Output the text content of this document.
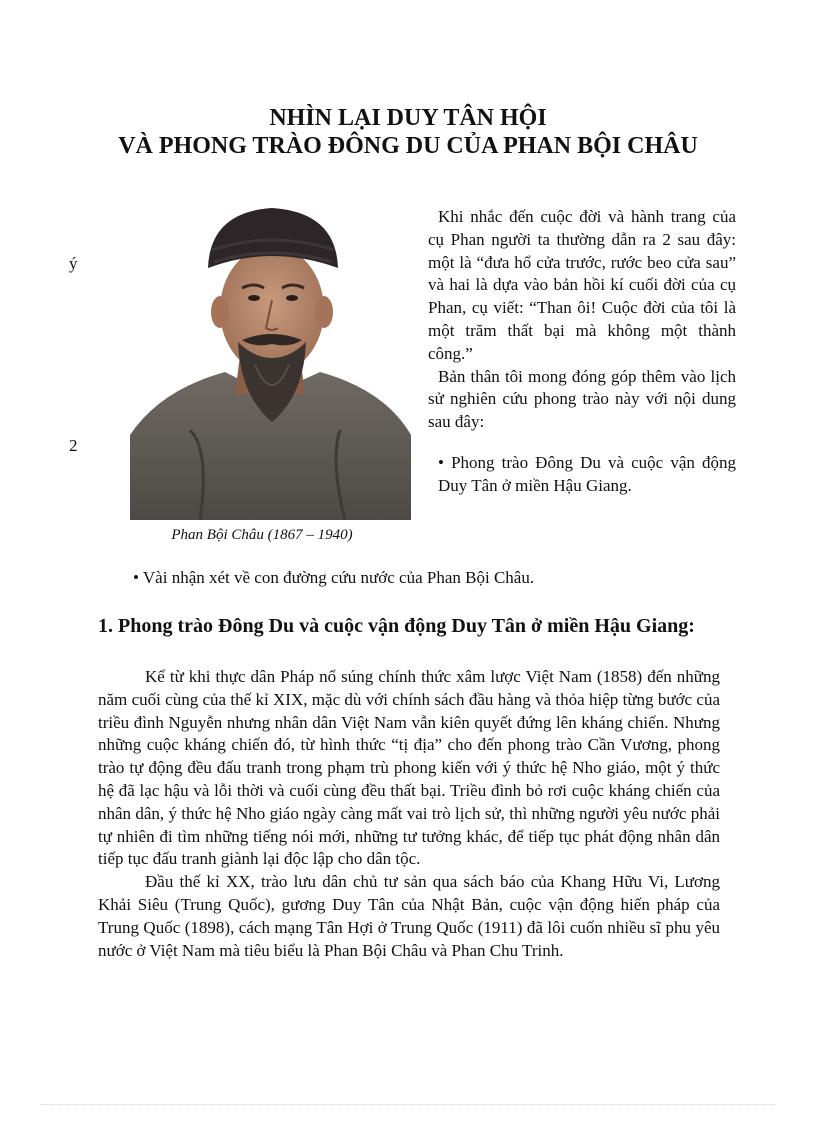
NHÌN LẠI DUY TÂN HỘI
VÀ PHONG TRÀO ĐÔNG DU CỦA PHAN BỘI CHÂU
Phan Bội Châu (1867 – 1940)
ý
2

Khi nhắc đến cuộc đời và hành trang của cụ Phan người ta thường dẫn ra 2 sau đây: một là “đưa hổ cửa trước, rước beo cửa sau” và hai là dựa vào bản hồi kí cuối đời của cụ Phan, cụ viết: “Than ôi! Cuộc đời của tôi là một trăm thất bại mà không một thành công.”

Bản thân tôi mong đóng góp thêm vào lịch sử nghiên cứu phong trào này với nội dung sau đây:

• Phong trào Đông Du và cuộc vận động Duy Tân ở miền Hậu Giang.

• Vài nhận xét về con đường cứu nước của Phan Bội Châu.
1. Phong trào Đông Du và cuộc vận động Duy Tân ở miền Hậu Giang:

Kể từ khi thực dân Pháp nổ súng chính thức xâm lược Việt Nam (1858) đến những năm cuối cùng của thế kỉ XIX, mặc dù với chính sách đầu hàng và thỏa hiệp từng bước của triều đình Nguyễn nhưng nhân dân Việt Nam vẫn kiên quyết đứng lên kháng chiến. Nhưng những cuộc kháng chiến đó, từ hình thức “tị địa” cho đến phong trào Cần Vương, phong trào tự động đều đấu tranh trong phạm trù phong kiến với ý thức hệ Nho giáo, một ý thức hệ đã lạc hậu và lỗi thời và cuối cùng đều thất bại. Triều đình bỏ rơi cuộc kháng chiến của nhân dân, ý thức hệ Nho giáo ngày càng mất vai trò lịch sử, thì những người yêu nước phải tự nhiên đi tìm những tiếng nói mới, những tư tưởng khác, để tiếp tục phát động nhân dân tiếp tục đấu tranh giành lại độc lập cho dân tộc.

Đầu thế kỉ XX, trào lưu dân chủ tư sản qua sách báo của Khang Hữu Vi, Lương Khải Siêu (Trung Quốc), gương Duy Tân của Nhật Bản, cuộc vận động hiến pháp của Trung Quốc (1898), cách mạng Tân Hợi ở Trung Quốc (1911) đã lôi cuốn nhiều sĩ phu yêu nước ở Việt Nam mà tiêu biểu là Phan Bội Châu và Phan Chu Trinh.
